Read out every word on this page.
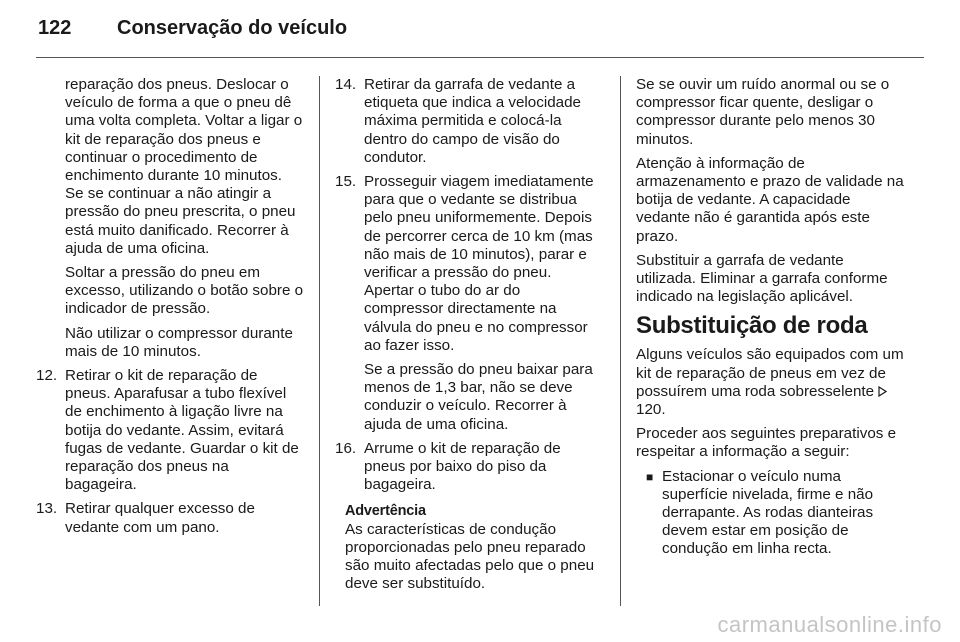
122 Conservação do veículo

reparação dos pneus. Deslocar o veículo de forma a que o pneu dê uma volta completa. Voltar a ligar o kit de reparação dos pneus e continuar o procedimento de enchimento durante 10 minutos. Se se continuar a não atingir a pressão do pneu prescrita, o pneu está muito danificado. Recorrer à ajuda de uma oficina.

Soltar a pressão do pneu em excesso, utilizando o botão sobre o indicador de pressão.

Não utilizar o compressor durante mais de 10 minutos.

12. Retirar o kit de reparação de pneus. Aparafusar a tubo flexível de enchimento à ligação livre na botija do vedante. Assim, evitará fugas de vedante. Guardar o kit de reparação dos pneus na bagageira.
13. Retirar qualquer excesso de vedante com um pano.
14. Retirar da garrafa de vedante a etiqueta que indica a velocidade máxima permitida e colocá-la dentro do campo de visão do condutor.
15. Prosseguir viagem imediatamente para que o vedante se distribua pelo pneu uniformemente. Depois de percorrer cerca de 10 km (mas não mais de 10 minutos), parar e verificar a pressão do pneu. Apertar o tubo do ar do compressor directamente na válvula do pneu e no compressor ao fazer isso.

Se a pressão do pneu baixar para menos de 1,3 bar, não se deve conduzir o veículo. Recorrer à ajuda de uma oficina.

16. Arrume o kit de reparação de pneus por baixo do piso da bagageira.
Advertência
As características de condução proporcionadas pelo pneu reparado são muito afectadas pelo que o pneu deve ser substituído.

Se se ouvir um ruído anormal ou se o compressor ficar quente, desligar o compressor durante pelo menos 30 minutos.

Atenção à informação de armazenamento e prazo de validade na botija de vedante. A capacidade vedante não é garantida após este prazo.

Substituir a garrafa de vedante utilizada. Eliminar a garrafa conforme indicado na legislação aplicável.

Substituição de roda

Alguns veículos são equipados com um kit de reparação de pneus em vez de possuírem uma roda sobresselente  120.

Proceder aos seguintes preparativos e respeitar a informação a seguir:

■ Estacionar o veículo numa superfície nivelada, firme e não derrapante. As rodas dianteiras devem estar em posição de condução em linha recta.
carmanualsonline.info
